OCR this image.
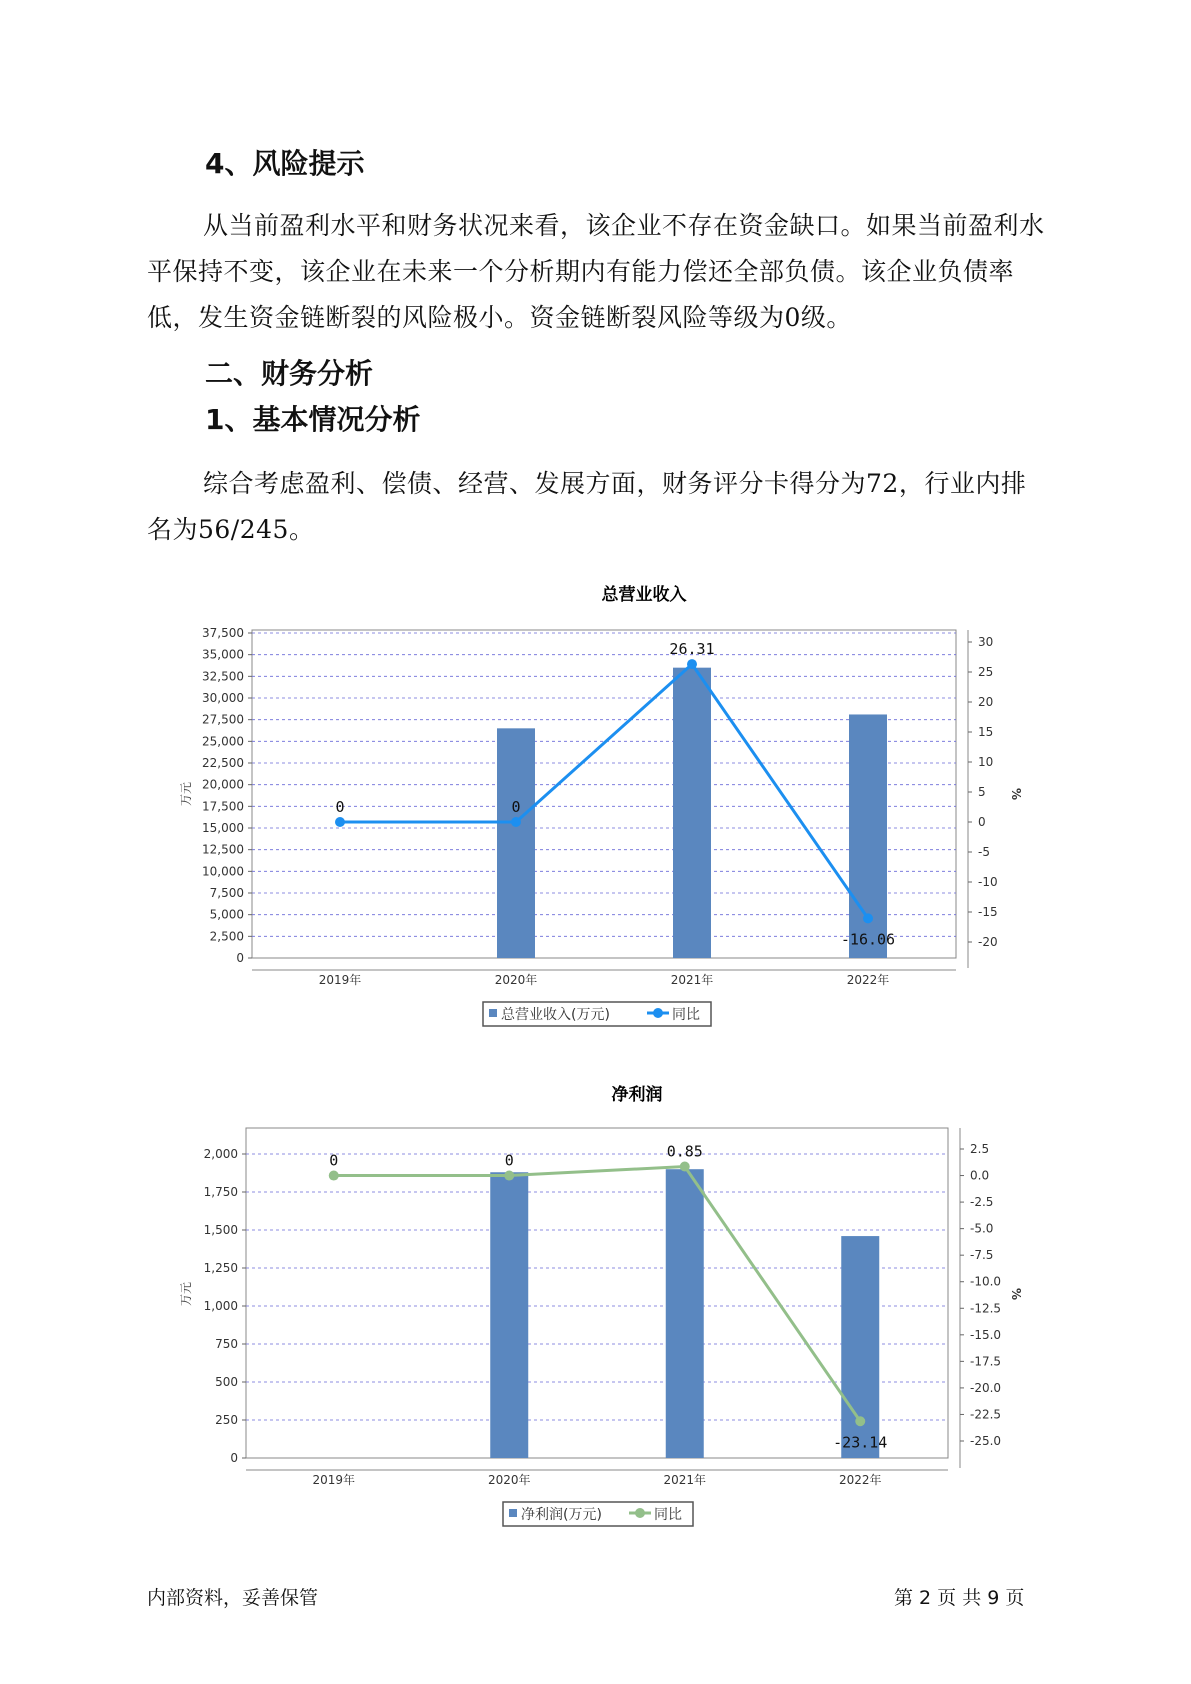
4、风险提示

从当前盈利水平和财务状况来看，该企业不存在资金缺口。如果当前盈利水平保持不变，该企业在未来一个分析期内有能力偿还全部负债。该企业负债率低，发生资金链断裂的风险极小。资金链断裂风险等级为0级。

二、财务分析
1、基本情况分析

综合考虑盈利、偿债、经营、发展方面，财务评分卡得分为72，行业内排名为56/245。

总营业收入
0
2,500
5,000
7,500
10,000
12,500
15,000
17,500
20,000
22,500
25,000
27,500
30,000
32,500
35,000
37,500
-20
-15
-10
-5
0
5
10
15
20
25
30
万元	%
2019年	2020年	2021年	2022年
0	0
26.31
-16.06
总营业收入(万元)	同比
净利润
0
250
500
750
1,000
1,250
1,500
1,750
2,000
-25.0
-22.5
-20.0
-17.5
-15.0
-12.5
-10.0
-7.5
-5.0
-2.5
0.0
2.5
万元	%
2019年	2020年	2021年	2022年
0	0
0.85
-23.14
净利润(万元)	同比
内部资料，妥善保管	第 2 页 共 9 页
